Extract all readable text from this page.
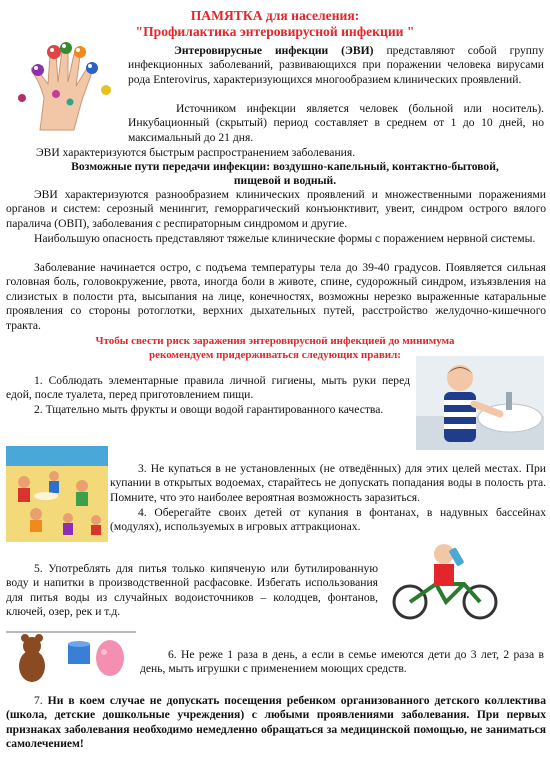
ПАМЯТКА для населения:
"Профилактика энтеровирусной инфекции "

Энтеровирусные инфекции (ЭВИ) представляют собой группу инфекционных заболеваний, развивающихся при поражении человека вирусами рода Enterovirus, характеризующихся многообразием клинических проявлений.

Источником инфекции является человек (больной или носитель). Инкубационный (скрытый) период составляет в среднем от 1 до 10 дней, но максимальный до 21 дня.

ЭВИ характеризуются быстрым распространением заболевания.

Возможные пути передачи инфекции: воздушно-капельный, контактно-бытовой, пищевой и водный.

ЭВИ характеризуются разнообразием клинических проявлений и множественными поражениями органов и систем: серозный менингит, геморрагический конъюнктивит, увеит, синдром острого вялого паралича (ОВП), заболевания с респираторным синдромом и другие.

Наибольшую опасность представляют тяжелые клинические формы с поражением нервной системы.

Заболевание начинается остро, с подъема температуры тела до 39-40 градусов. Появляется сильная головная боль, головокружение, рвота, иногда боли в животе, спине, судорожный синдром, изъязвления на слизистых в полости рта, высыпания на лице, конечностях, возможны нерезко выраженные катаральные проявления со стороны ротоглотки, верхних дыхательных путей, расстройство желудочно-кишечного тракта.

Чтобы свести риск заражения энтеровирусной инфекцией до минимума
рекомендуем придерживаться следующих правил:

1. Соблюдать элементарные правила личной гигиены, мыть руки перед едой, после туалета, перед приготовлением пищи.

2. Тщательно мыть фрукты и овощи водой гарантированного качества.

3. Не купаться в не установленных (не отведённых) для этих целей местах. При купании в открытых водоемах, старайтесь не допускать попадания воды в полость рта. Помните, что это наиболее вероятная возможность заразиться.

4. Оберегайте своих детей от купания в фонтанах, в надувных бассейнах (модулях), используемых в игровых аттракционах.

5. Употреблять для питья только кипяченую или бутилированную воду и напитки в производственной расфасовке. Избегать использования для питья воды из случайных водоисточников – колодцев, фонтанов, ключей, озер, рек и т.д.

6. Не реже 1 раза в день, а если в семье имеются дети до 3 лет, 2 раза в день, мыть игрушки с применением моющих средств.

7. Ни в коем случае не допускать посещения ребенком организованного детского коллектива (школа, детские дошкольные учреждения) с любыми проявлениями заболевания. При первых признаках заболевания необходимо немедленно обращаться за медицинской помощью, не заниматься самолечением!
